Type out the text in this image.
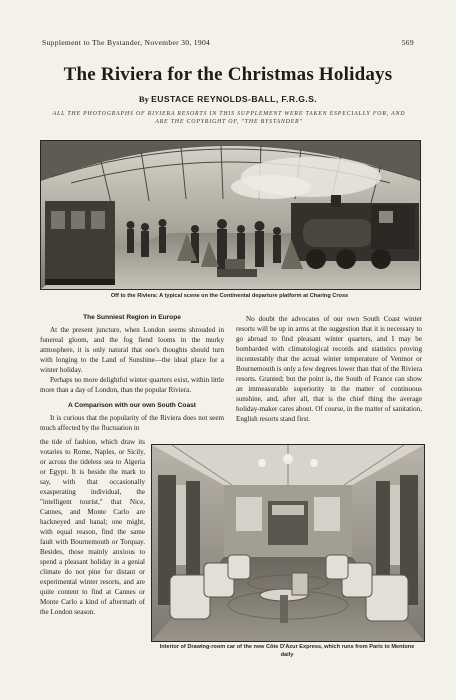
Supplement to The Bystander, November 30, 1904	569
The Riviera for the Christmas Holidays
By EUSTACE REYNOLDS-BALL, F.R.G.S.
ALL THE PHOTOGRAPHS OF RIVIERA RESORTS IN THIS SUPPLEMENT WERE TAKEN ESPECIALLY FOR, AND ARE THE COPYRIGHT OF, "THE BYSTANDER"
Off to the Riviera: A typical scene on the Continental departure platform at Charing Cross
The Sunniest Region in Europe

At the present juncture, when London seems shrouded in funereal gloom, and the fog fiend looms in the murky atmosphere, it is only natural that one's thoughts should turn with longing to the Land of Sunshine—the ideal place for a winter holiday.

Perhaps no more delightful winter quarters exist, within little more than a day of London, than the popular Riviera.

A Comparison with our own South Coast

It is curious that the popularity of the Riviera does not seem much affected by the fluctuation in

the tide of fashion, which draw its votaries to Rome, Naples, or Sicily, or across the tideless sea to Algeria or Egypt. It is beside the mark to say, with that occasionally exasperating individual, the "intelligent tourist," that Nice, Cannes, and Monte Carlo are hackneyed and banal; one might, with equal reason, find the same fault with Bournemouth or Torquay. Besides, those mainly anxious to spend a pleasant holiday in a genial climate do not pine for distant or experimental winter resorts, and are quite content to find at Cannes or Monte Carlo a kind of aftermath of the London season.

No doubt the advocates of our own South Coast winter resorts will be up in arms at the suggestion that it is necessary to go abroad to find pleasant winter quarters, and I may be bombarded with climatological records and statistics proving incontestably that the actual winter temperature of Ventnor or Bournemouth is only a few degrees lower than that of the Riviera resorts. Granted; but the point is, the South of France can show an immeasurable superiority in the matter of continuous sunshine, and, after all, that is the chief thing the average holiday-maker cares about. Of course, in the matter of sanitation, English resorts stand first.

Interior of Drawing-room car of the new Côte D'Azur Express, which runs from Paris to Mentone daily
